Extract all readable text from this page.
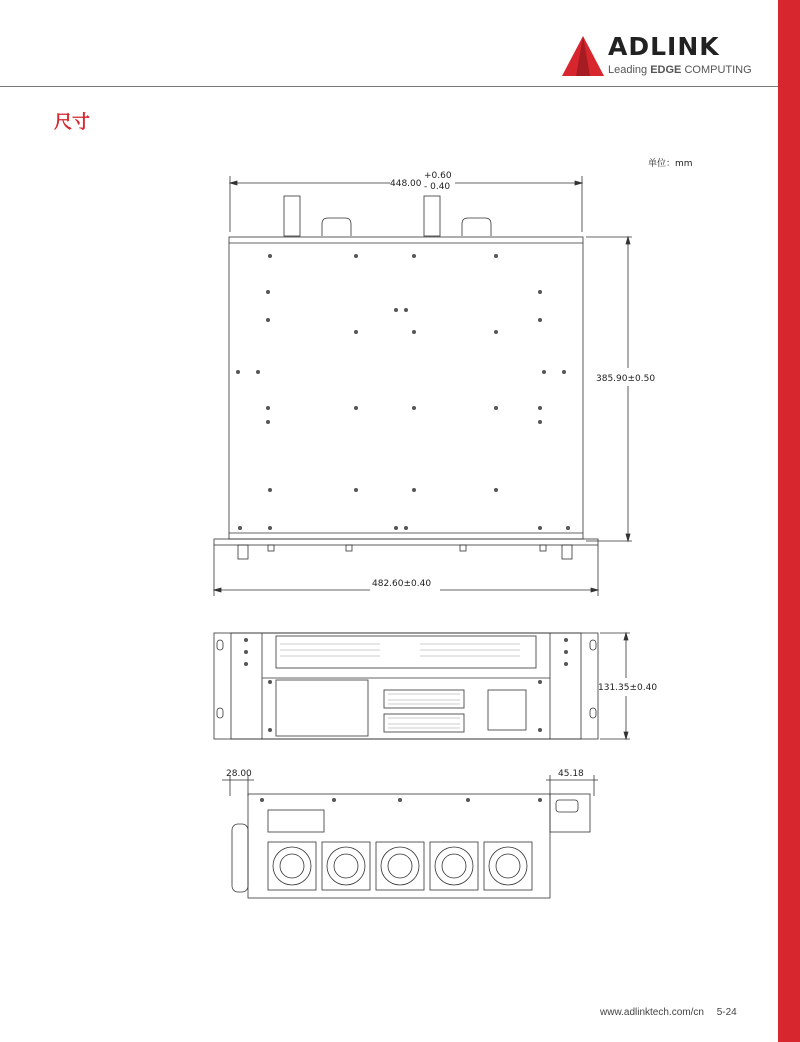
ADLINK
Leading EDGE COMPUTING
尺寸
单位：mm
448.00
+0.60
- 0.40
385.90±0.50
482.60±0.40
131.35±0.40
28.00	45.18
www.adlinktech.com/cn 5-24
